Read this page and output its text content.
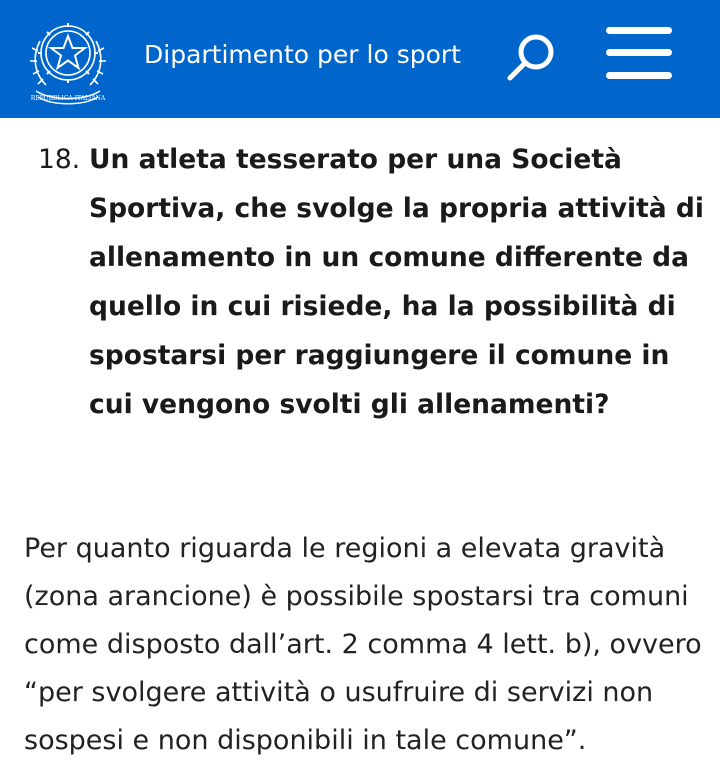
REPUBBLICA ITALIANA
Dipartimento per lo sport
18. Un atleta tesserato per una Società Sportiva, che svolge la propria attività di allenamento in un comune differente da quello in cui risiede, ha la possibilità di spostarsi per raggiungere il comune in cui vengono svolti gli allenamenti?

Per quanto riguarda le regioni a elevata gravità (zona arancione) è possibile spostarsi tra comuni come disposto dall’art. 2 comma 4 lett. b), ovvero “per svolgere attività o usufruire di servizi non sospesi e non disponibili in tale comune”.
